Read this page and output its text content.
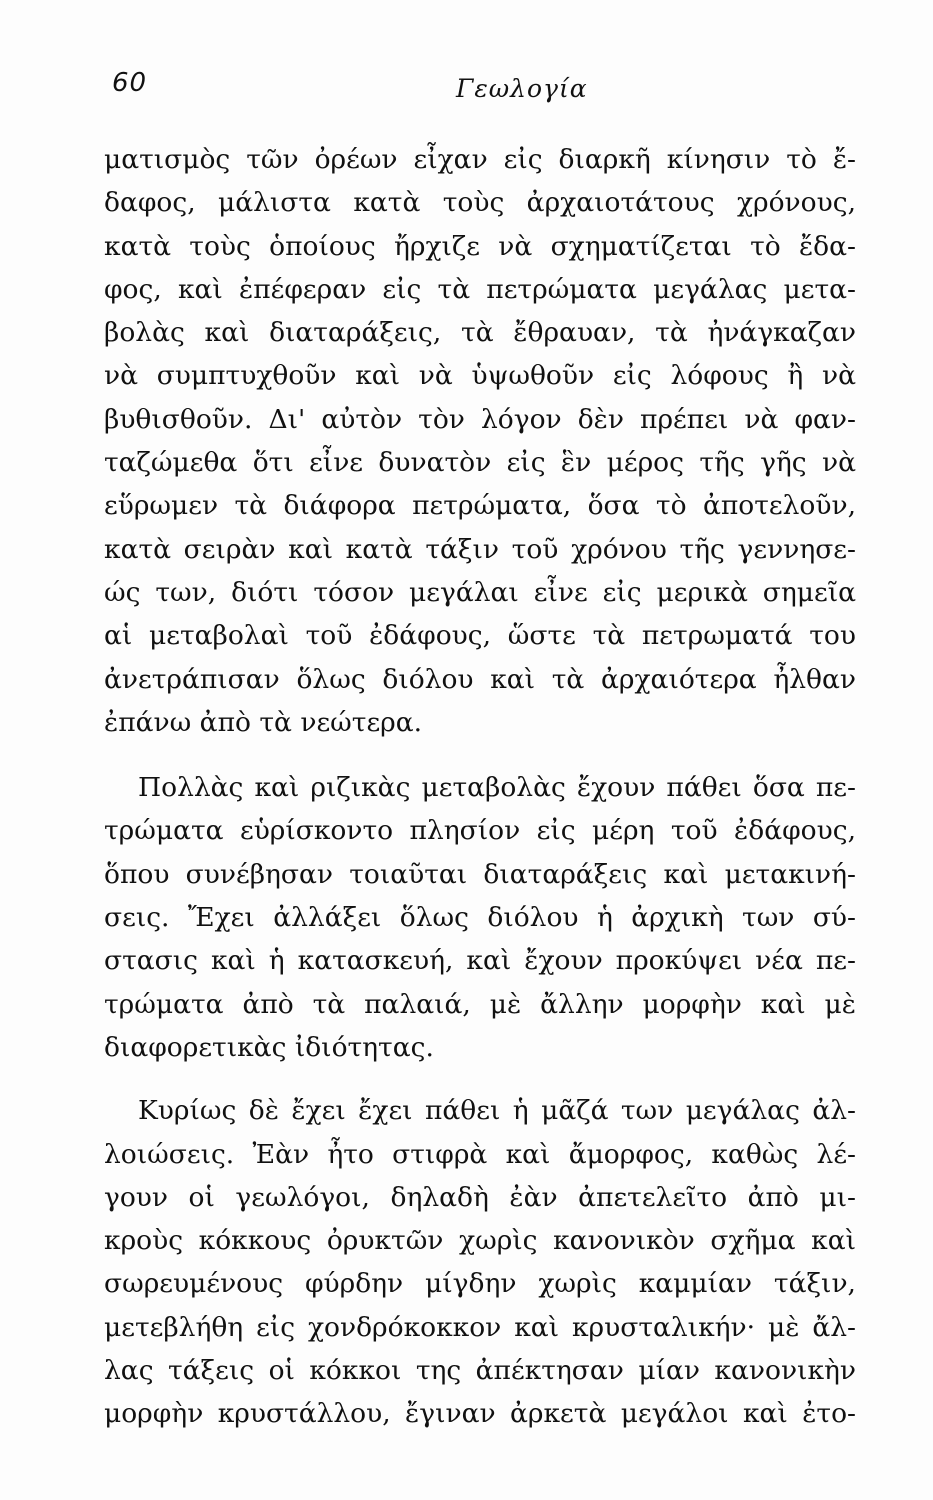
60	Γεωλογία
ματισμὸς τῶν ὀρέων εἶχαν εἰς διαρκῆ κίνησιν τὸ ἔ-
δαφος, μάλιστα κατὰ τοὺς ἀρχαιοτάτους χρόνους,
κατὰ τοὺς ὁποίους ἤρχιζε νὰ σχηματίζεται τὸ ἔδα-
φος, καὶ ἐπέφεραν εἰς τὰ πετρώματα μεγάλας μετα-
βολὰς καὶ διαταράξεις, τὰ ἔθραυαν, τὰ ἠνάγκαζαν
νὰ συμπτυχθοῦν καὶ νὰ ὑψωθοῦν εἰς λόφους ἢ νὰ
βυθισθοῦν. Δι' αὐτὸν τὸν λόγον δὲν πρέπει νὰ φαν-
ταζώμεθα ὅτι εἶνε δυνατὸν εἰς ἓν μέρος τῆς γῆς νὰ
εὕρωμεν τὰ διάφορα πετρώματα, ὅσα τὸ ἀποτελοῦν,
κατὰ σειρὰν καὶ κατὰ τάξιν τοῦ χρόνου τῆς γεννησε-
ώς των, διότι τόσον μεγάλαι εἶνε εἰς μερικὰ σημεῖα
αἱ μεταβολαὶ τοῦ ἐδάφους, ὥστε τὰ πετρωματά του
ἀνετράπισαν ὅλως διόλου καὶ τὰ ἀρχαιότερα ἦλθαν
ἐπάνω ἀπὸ τὰ νεώτερα.
Πολλὰς καὶ ριζικὰς μεταβολὰς ἔχουν πάθει ὅσα πε-
τρώματα εὑρίσκοντο πλησίον εἰς μέρη τοῦ ἐδάφους,
ὅπου συνέβησαν τοιαῦται διαταράξεις καὶ μετακινή-
σεις. Ἔχει ἀλλάξει ὅλως διόλου ἡ ἀρχικὴ των σύ-
στασις καὶ ἡ κατασκευή, καὶ ἔχουν προκύψει νέα πε-
τρώματα ἀπὸ τὰ παλαιά, μὲ ἄλλην μορφὴν καὶ μὲ
διαφορετικὰς ἰδιότητας.
Κυρίως δὲ ἔχει ἔχει πάθει ἡ μᾶζά των μεγάλας ἀλ-
λοιώσεις. Ἐὰν ἦτο στιφρὰ καὶ ἄμορφος, καθὼς λέ-
γουν οἱ γεωλόγοι, δηλαδὴ ἐὰν ἀπετελεῖτο ἀπὸ μι-
κροὺς κόκκους ὀρυκτῶν χωρὶς κανονικὸν σχῆμα καὶ
σωρευμένους φύρδην μίγδην χωρὶς καμμίαν τάξιν,
μετεβλήθη εἰς χονδρόκοκκον καὶ κρυσταλικήν· μὲ ἄλ-
λας τάξεις οἱ κόκκοι της ἀπέκτησαν μίαν κανονικὴν
μορφὴν κρυστάλλου, ἔγιναν ἀρκετὰ μεγάλοι καὶ ἐτο-
